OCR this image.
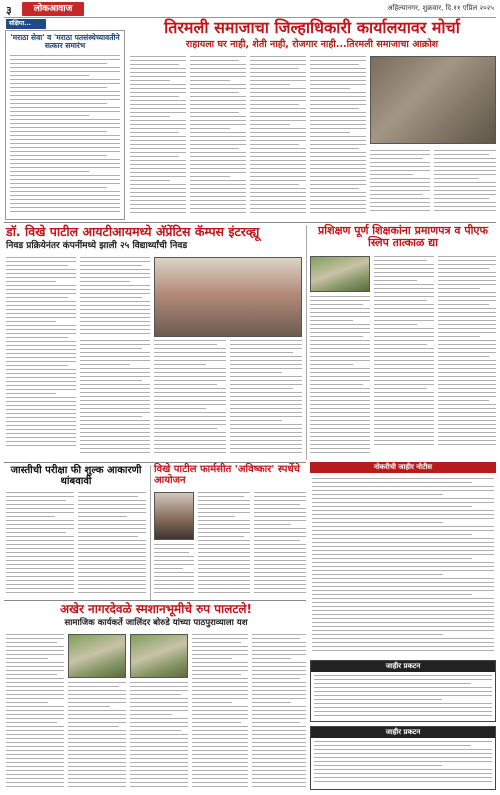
३	लोकआवाज	अहिल्यानगर, शुक्रवार, दि.११ एप्रिल २०२५
संक्षिप्त...
'मराठा सेवा' व 'मराठा पतसंस्थेच्यावतीने सत्कार समारंभ
तिरमली समाजाचा जिल्हाधिकारी कार्यालयावर मोर्चा
राहायला घर नाही, शेती नाही, रोजगार नाही...तिरमली समाजाचा आक्रोश
डॉ. विखे पाटील आयटीआयमध्ये अ‍ॅप्रेंटिस कॅम्पस इंटरव्ह्यू
निवड प्रक्रियेनंतर कंपनींमध्ये झाली २५ विद्यार्थ्यांची निवड
प्रशिक्षण पूर्ण शिक्षकांना प्रमाणपत्र व पीएफ स्लिप तात्काळ द्या
जास्तीची परीक्षा फी शुल्क आकारणी थांबवावी
विखे पाटील फार्मसीत 'अविष्कार' स्पर्धेचे आयोजन
नोकरीची जाहीर नोटीस
अखेर नागरदेवळे स्मशानभूमीचे रुप पालटले!
सामाजिक कार्यकर्ते जालिंदर बोरुडे यांच्या पाठपुराव्याला यश
जाहीर प्रकटन
जाहीर प्रकटन
